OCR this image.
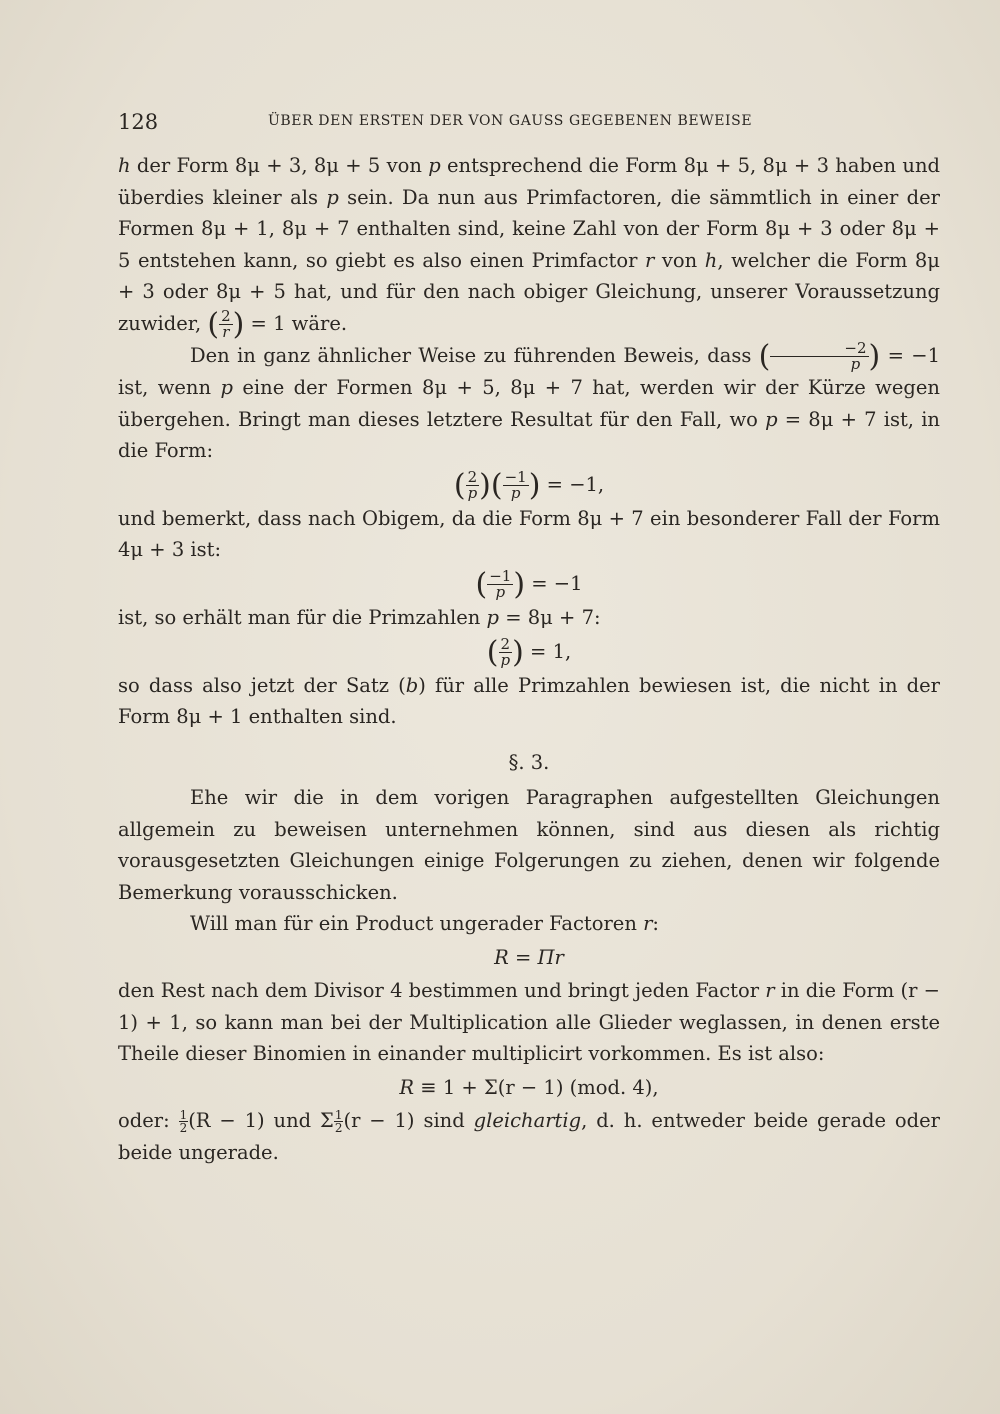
128	ÜBER DEN ERSTEN DER VON GAUSS GEGEBENEN BEWEISE

h der Form 8μ + 3, 8μ + 5 von p entsprechend die Form 8μ + 5, 8μ + 3 haben und überdies kleiner als p sein. Da nun aus Primfactoren, die sämmtlich in einer der Formen 8μ + 1, 8μ + 7 enthalten sind, keine Zahl von der Form 8μ + 3 oder 8μ + 5 entstehen kann, so giebt es also einen Primfactor r von h, welcher die Form 8μ + 3 oder 8μ + 5 hat, und für den nach obiger Gleichung, unserer Voraussetzung zuwider, ( $\frac{2}{r}$ ) = 1 wäre.

Den in ganz ähnlicher Weise zu führenden Beweis, dass ( $\frac{-2}{p}$ ) = −1 ist, wenn p eine der Formen 8μ + 5, 8μ + 7 hat, werden wir der Kürze wegen übergehen. Bringt man dieses letztere Resultat für den Fall, wo p = 8μ + 7 ist, in die Form:

( $\frac{2}{p}$ )( $\frac{-1}{p}$ ) = −1,

und bemerkt, dass nach Obigem, da die Form 8μ + 7 ein besonderer Fall der Form 4μ + 3 ist:

( $\frac{-1}{p}$ ) = −1

ist, so erhält man für die Primzahlen p = 8μ + 7:

( $\frac{2}{p}$ ) = 1,

so dass also jetzt der Satz (b) für alle Primzahlen bewiesen ist, die nicht in der Form 8μ + 1 enthalten sind.

§. 3.

Ehe wir die in dem vorigen Paragraphen aufgestellten Gleichungen allgemein zu beweisen unternehmen können, sind aus diesen als richtig vorausgesetzten Gleichungen einige Folgerungen zu ziehen, denen wir folgende Bemerkung vorausschicken.

Will man für ein Product ungerader Factoren r:

R = Πr

den Rest nach dem Divisor 4 bestimmen und bringt jeden Factor r in die Form (r − 1) + 1, so kann man bei der Multiplication alle Glieder weglassen, in denen erste Theile dieser Binomien in einander multiplicirt vorkommen. Es ist also:

R ≡ 1 + Σ(r − 1) (mod. 4),

oder: $\frac{1}{2} (R - 1)$ und Σ $\frac{1}{2} (r - 1)$ sind gleichartig, d. h. entweder beide gerade oder beide ungerade.
